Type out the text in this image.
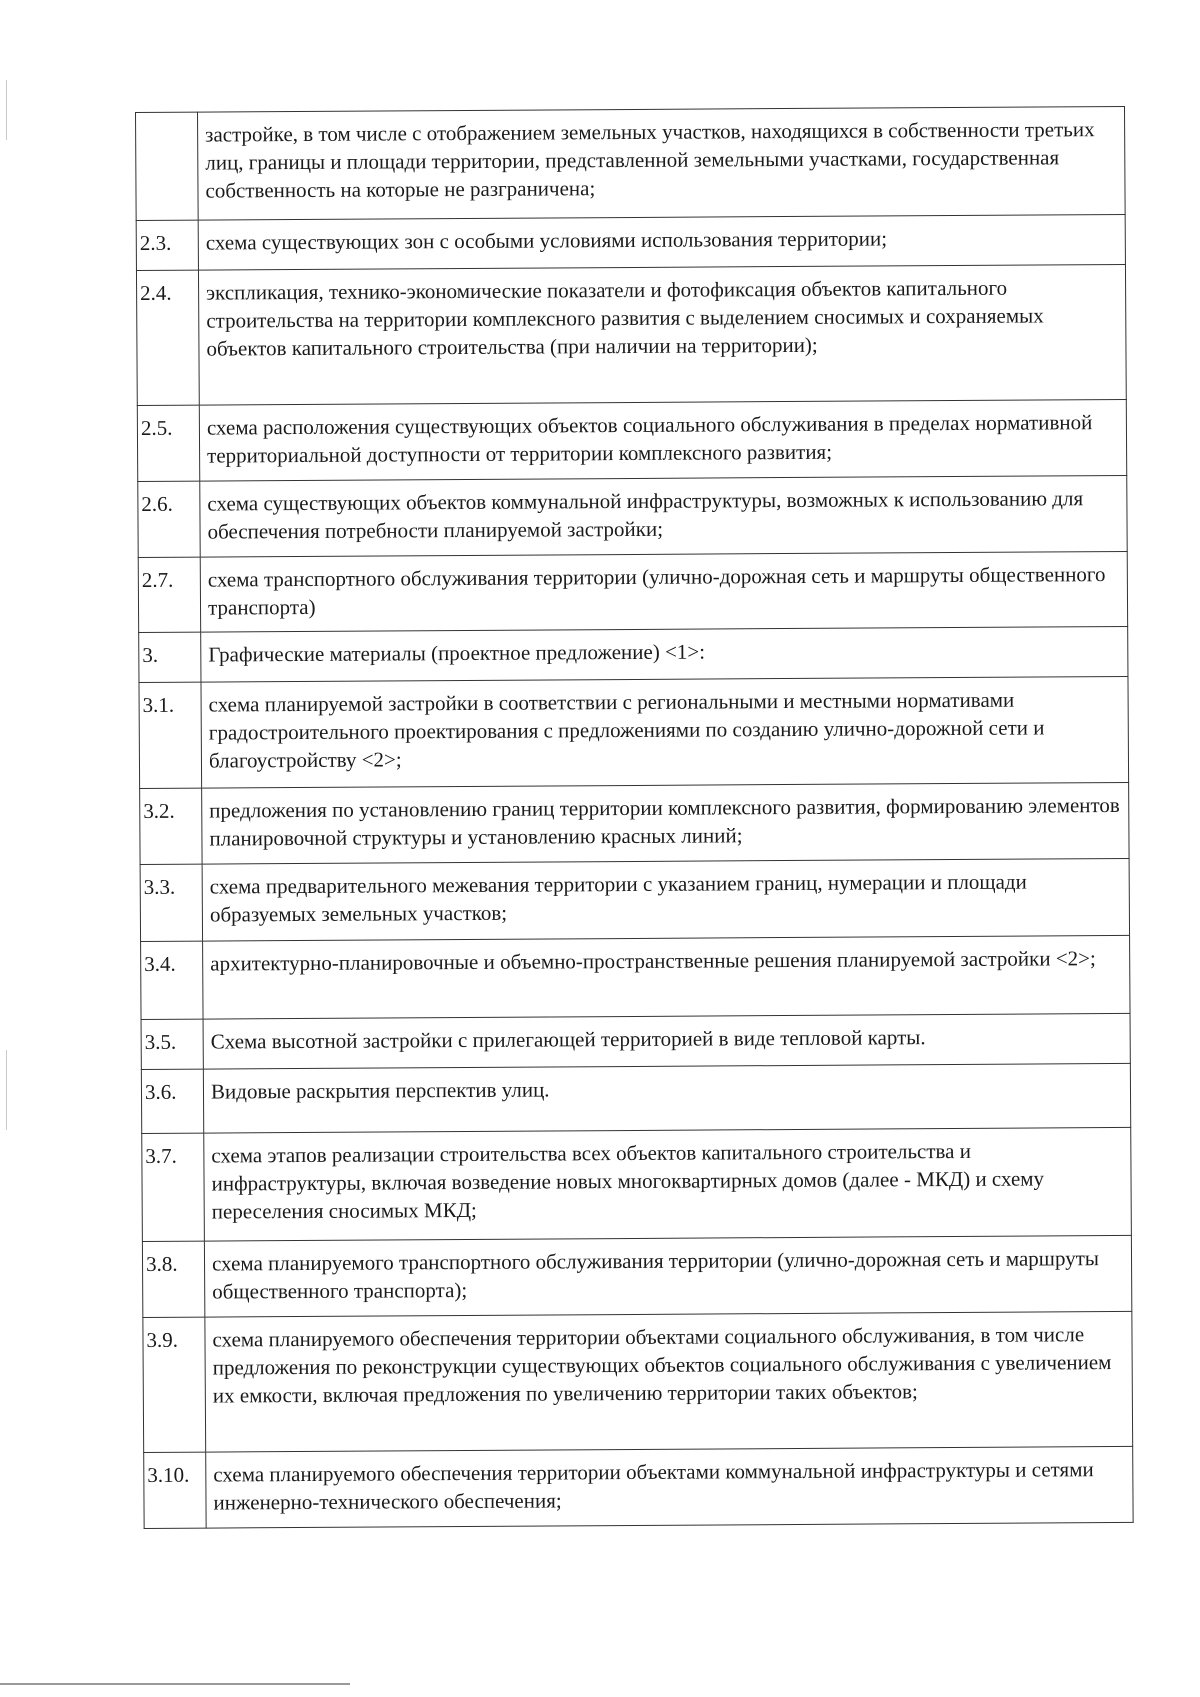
	застройке, в том числе с отображением земельных участков, находящихся в собственности третьих лиц, границы и площади территории, представленной земельными участками, государственная собственность на которые не разграничена;
2.3.	схема существующих зон с особыми условиями использования территории;
2.4.	экспликация, технико-экономические показатели и фотофиксация объектов капитального строительства на территории комплексного развития с выделением сносимых и сохраняемых объектов капитального строительства (при наличии на территории);
2.5.	схема расположения существующих объектов социального обслуживания в пределах нормативной территориальной доступности от территории комплексного развития;
2.6.	схема существующих объектов коммунальной инфраструктуры, возможных к использованию для обеспечения потребности планируемой застройки;
2.7.	схема транспортного обслуживания территории (улично-дорожная сеть и маршруты общественного транспорта)
3.	Графические материалы (проектное предложение) <1>:
3.1.	схема планируемой застройки в соответствии с региональными и местными нормативами градостроительного проектирования с предложениями по созданию улично-дорожной сети и благоустройству <2>;
3.2.	предложения по установлению границ территории комплексного развития, формированию элементов планировочной структуры и установлению красных линий;
3.3.	схема предварительного межевания территории с указанием границ, нумерации и площади образуемых земельных участков;
3.4.	архитектурно-планировочные и объемно-пространственные решения планируемой застройки <2>;
3.5.	Схема высотной застройки с прилегающей территорией в виде тепловой карты.
3.6.	Видовые раскрытия перспектив улиц.
3.7.	схема этапов реализации строительства всех объектов капитального строительства и инфраструктуры, включая возведение новых многоквартирных домов (далее - МКД) и схему переселения сносимых МКД;
3.8.	схема планируемого транспортного обслуживания территории (улично-дорожная сеть и маршруты общественного транспорта);
3.9.	схема планируемого обеспечения территории объектами социального обслуживания, в том числе предложения по реконструкции существующих объектов социального обслуживания с увеличением их емкости, включая предложения по увеличению территории таких объектов;
3.10.	схема планируемого обеспечения территории объектами коммунальной инфраструктуры и сетями инженерно-технического обеспечения;
